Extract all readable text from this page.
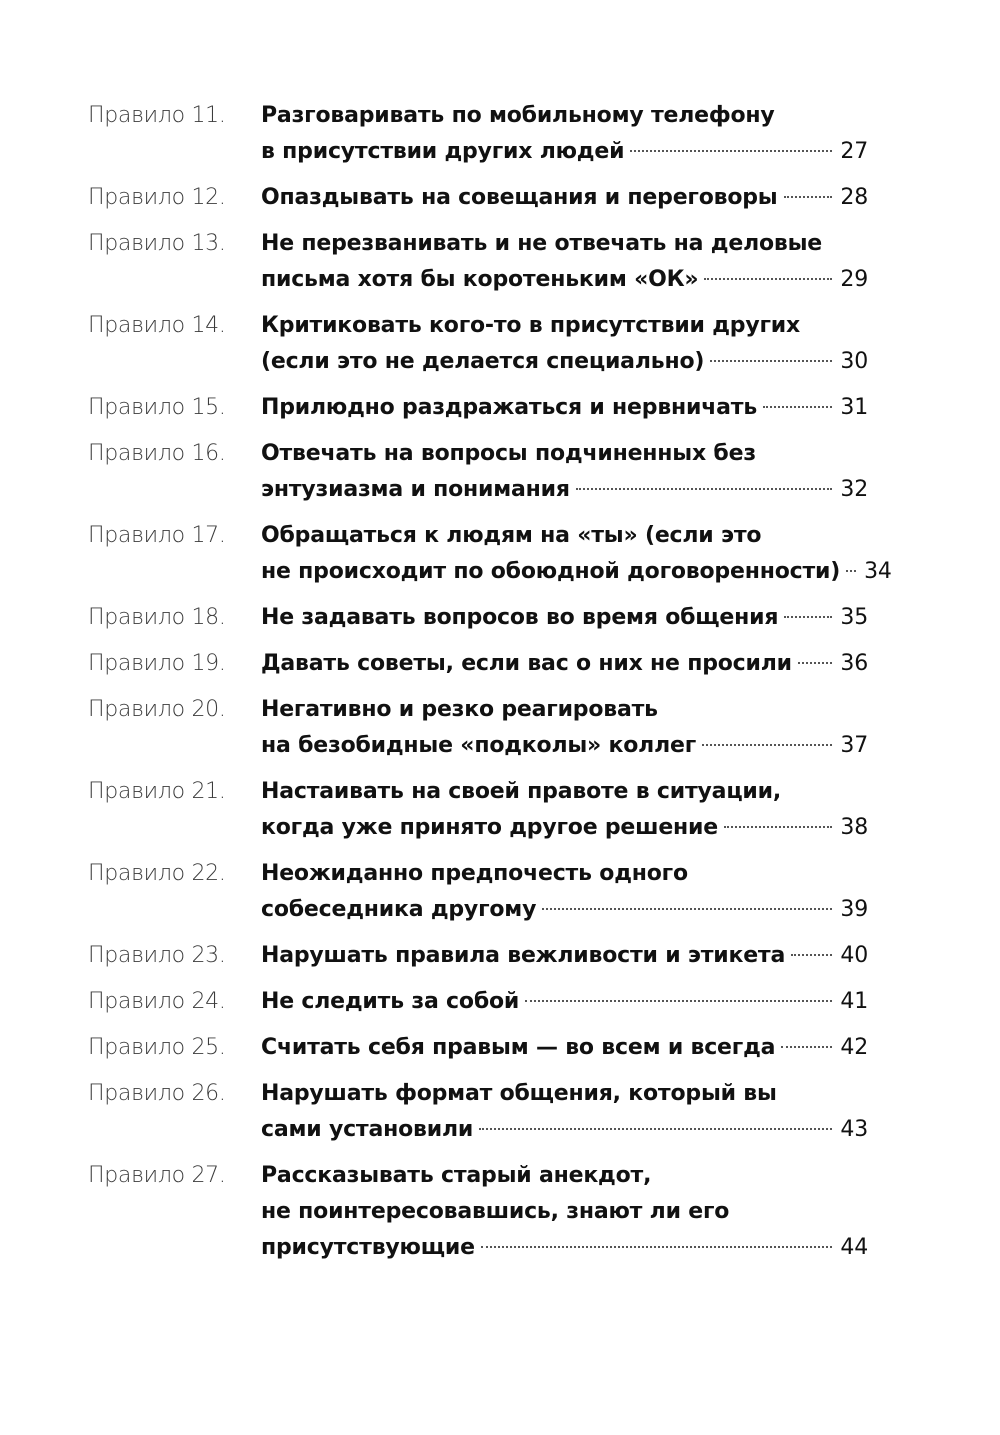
Правило 11.	Разговаривать по мобильному телефону
в присутствии других людей	27
Правило 12.	Опаздывать на совещания и переговоры	28
Правило 13.	Не перезванивать и не отвечать на деловые
письма хотя бы коротеньким «ОК»	29
Правило 14.	Критиковать кого-то в присутствии других
(если это не делается специально)	30
Правило 15.	Прилюдно раздражаться и нервничать	31
Правило 16.	Отвечать на вопросы подчиненных без
энтузиазма и понимания	32
Правило 17.	Обращаться к людям на «ты» (если это
не происходит по обоюдной договоренности) 34
Правило 18.	Не задавать вопросов во время общения	35
Правило 19.	Давать советы, если вас о них не просили 36
Правило 20.	Негативно и резко реагировать
на безобидные «подколы» коллег	37
Правило 21.	Настаивать на своей правоте в ситуации,
когда уже принято другое решение	38
Правило 22.	Неожиданно предпочесть одного
собеседника другому	39
Правило 23.	Нарушать правила вежливости и этикета	40
Правило 24.	Не следить за собой	41
Правило 25.	Считать себя правым — во всем и всегда	42
Правило 26.	Нарушать формат общения, который вы
сами установили	43
Правило 27.	Рассказывать старый анекдот,
не поинтересовавшись, знают ли его
присутствующие	44
